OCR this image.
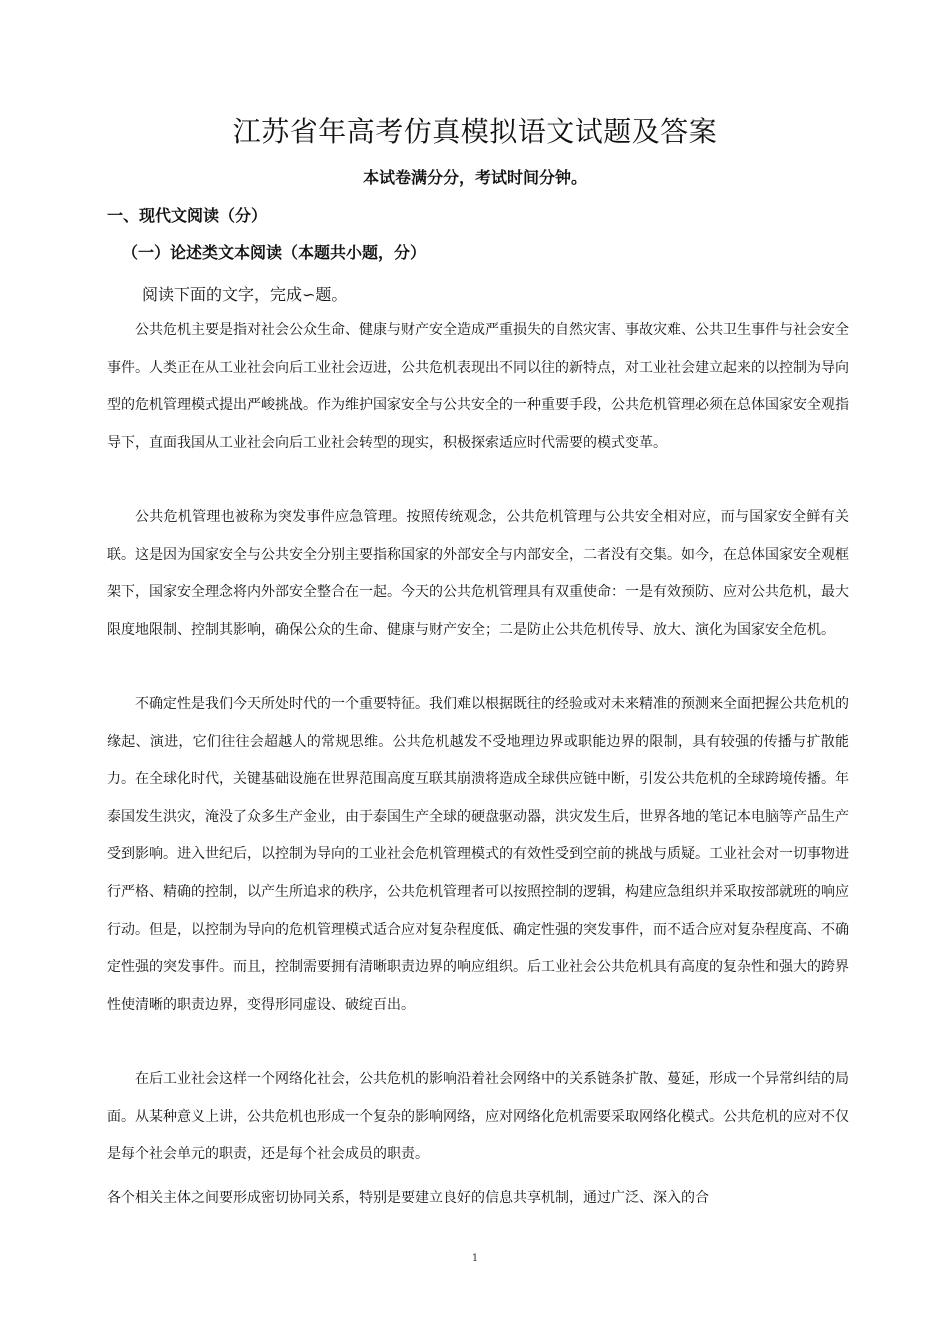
江苏省年高考仿真模拟语文试题及答案
本试卷满分分，考试时间分钟。
一、现代文阅读（分）
（一）论述类文本阅读（本题共小题，分）
阅读下面的文字，完成∽题。

公共危机主要是指对社会公众生命、健康与财产安全造成严重损失的自然灾害、事故灾难、公共卫生事件与社会安全事件。人类正在从工业社会向后工业社会迈进，公共危机表现出不同以往的新特点，对工业社会建立起来的以控制为导向型的危机管理模式提出严峻挑战。作为维护国家安全与公共安全的一种重要手段，公共危机管理必须在总体国家安全观指导下，直面我国从工业社会向后工业社会转型的现实，积极探索适应时代需要的模式变革。

公共危机管理也被称为突发事件应急管理。按照传统观念，公共危机管理与公共安全相对应，而与国家安全鲜有关联。这是因为国家安全与公共安全分别主要指称国家的外部安全与内部安全，二者没有交集。如今，在总体国家安全观框架下，国家安全理念将内外部安全整合在一起。今天的公共危机管理具有双重使命：一是有效预防、应对公共危机，最大限度地限制、控制其影响，确保公众的生命、健康与财产安全；二是防止公共危机传导、放大、演化为国家安全危机。

不确定性是我们今天所处时代的一个重要特征。我们难以根据既往的经验或对未来精准的预测来全面把握公共危机的缘起、演进，它们往往会超越人的常规思维。公共危机越发不受地理边界或职能边界的限制，具有较强的传播与扩散能力。在全球化时代，关键基础设施在世界范围高度互联其崩溃将造成全球供应链中断，引发公共危机的全球跨境传播。年泰国发生洪灾，淹没了众多生产金业，由于泰国生产全球的硬盘驱动器，洪灾发生后，世界各地的笔记本电脑等产品生产受到影响。进入世纪后，以控制为导向的工业社会危机管理模式的有效性受到空前的挑战与质疑。工业社会对一切事物进行严格、精确的控制，以产生所追求的秩序，公共危机管理者可以按照控制的逻辑，构建应急组织并采取按部就班的响应行动。但是，以控制为导向的危机管理模式适合应对复杂程度低、确定性强的突发事件，而不适合应对复杂程度高、不确定性强的突发事件。而且，控制需要拥有清晰职责边界的响应组织。后工业社会公共危机具有高度的复杂性和强大的跨界性使清晰的职责边界，变得形同虚设、破绽百出。

在后工业社会这样一个网络化社会，公共危机的影响沿着社会网络中的关系链条扩散、蔓延，形成一个异常纠结的局面。从某种意义上讲，公共危机也形成一个复杂的影响网络，应对网络化危机需要采取网络化模式。公共危机的应对不仅是每个社会单元的职责，还是每个社会成员的职责。

各个相关主体之间要形成密切协同关系，特别是要建立良好的信息共享机制，通过广泛、深入的合

1
